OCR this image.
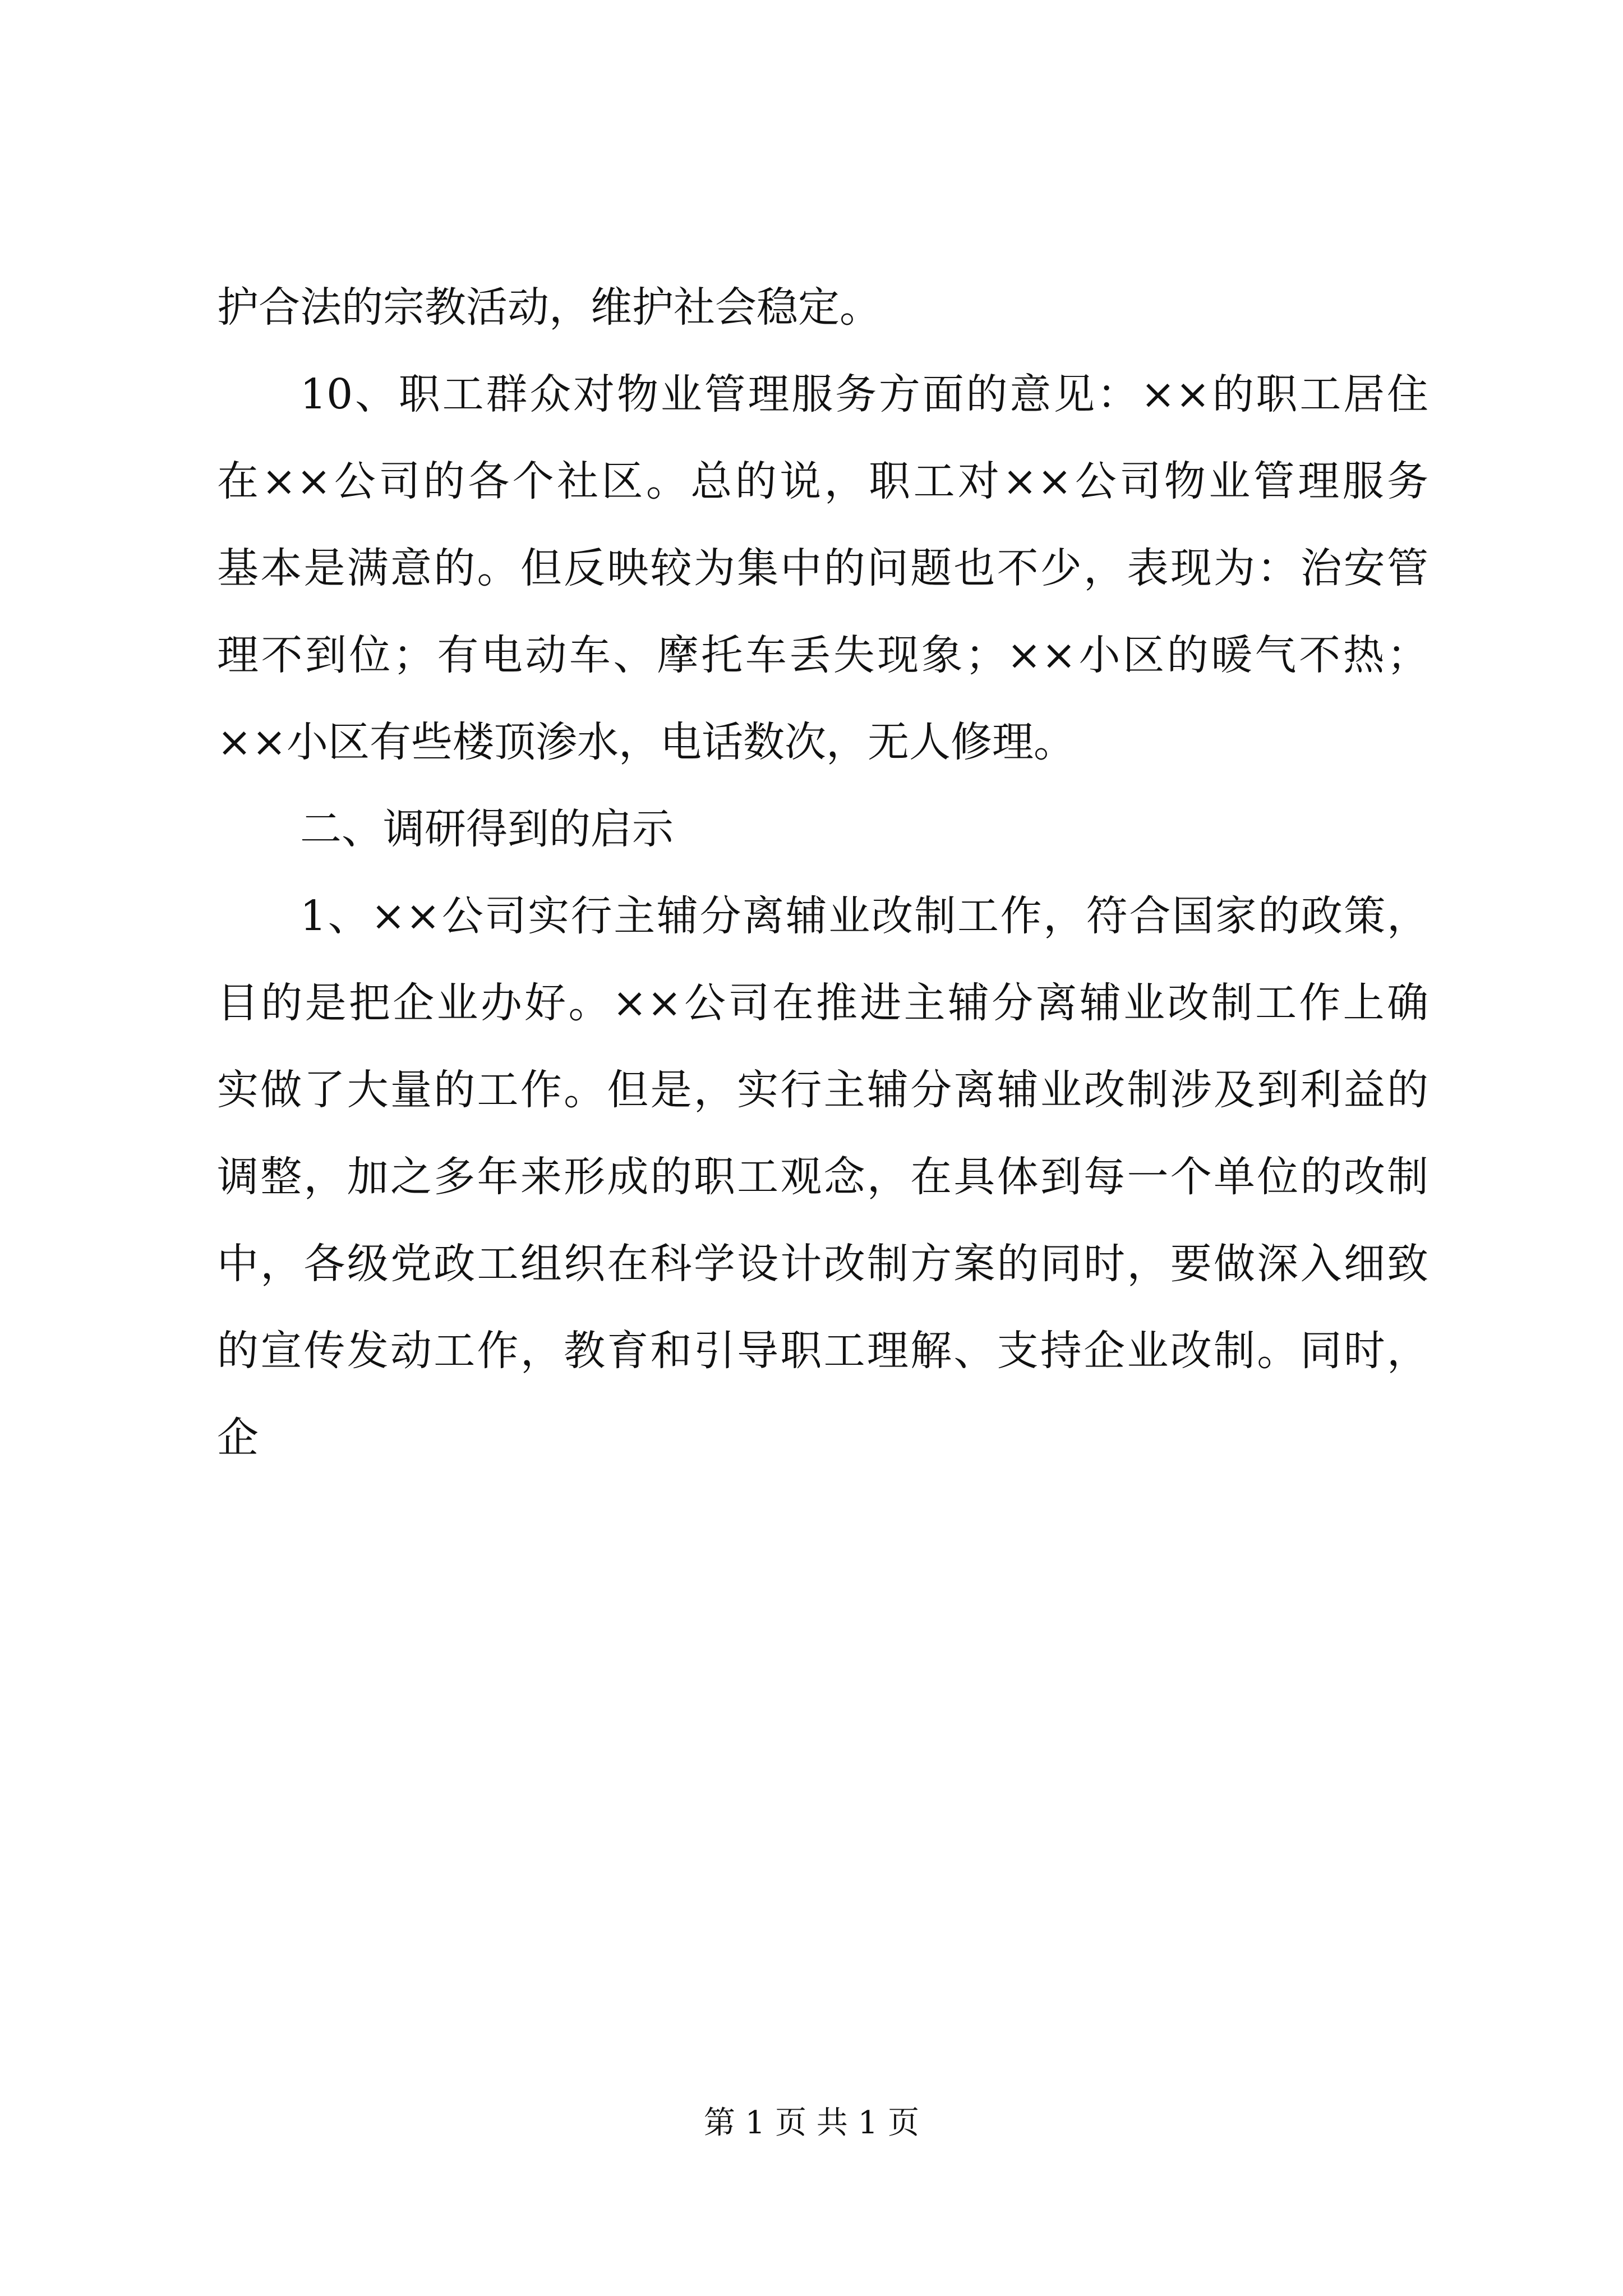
护合法的宗教活动，维护社会稳定。
10、职工群众对物业管理服务方面的意见：××的职工居住
在××公司的各个社区。总的说，职工对××公司物业管理服务
基本是满意的。但反映较为集中的问题也不少，表现为：治安管
理不到位；有电动车、摩托车丢失现象；××小区的暖气不热；
××小区有些楼顶渗水，电话数次，无人修理。
二、调研得到的启示
1、××公司实行主辅分离辅业改制工作，符合国家的政策，
目的是把企业办好。××公司在推进主辅分离辅业改制工作上确
实做了大量的工作。但是，实行主辅分离辅业改制涉及到利益的
调整，加之多年来形成的职工观念，在具体到每一个单位的改制
中，各级党政工组织在科学设计改制方案的同时，要做深入细致
的宣传发动工作，教育和引导职工理解、支持企业改制。同时，
企
第 1 页 共 1 页
